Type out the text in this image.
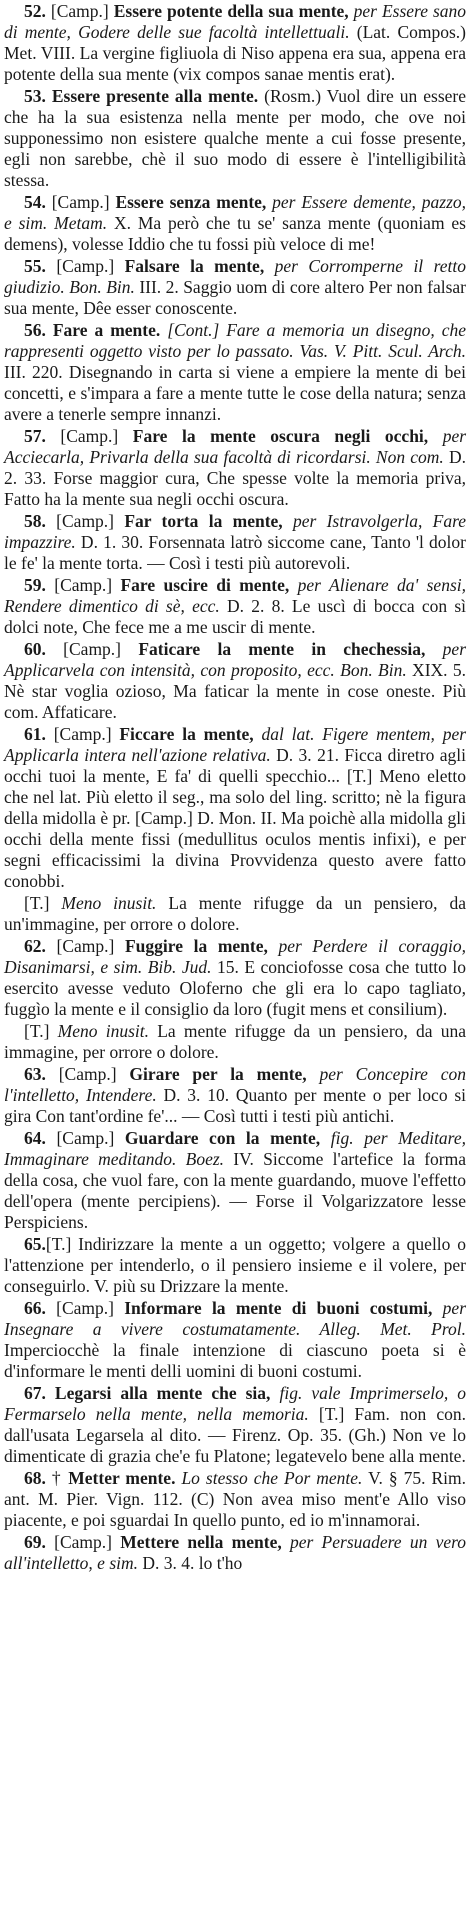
52. [Camp.] Essere potente della sua mente, per Essere sano di mente, Godere delle sue facoltà intellettuali. (Lat. Compos.) Met. VIII. La vergine figliuola di Niso appena era sua, appena era potente della sua mente (vix compos sanae mentis erat).

53. Essere presente alla mente. (Rosm.) Vuol dire un essere che ha la sua esistenza nella mente per modo, che ove noi supponessimo non esistere qualche mente a cui fosse presente, egli non sarebbe, chè il suo modo di essere è l'intelligibilità stessa.

54. [Camp.] Essere senza mente, per Essere demente, pazzo, e sim. Metam. X. Ma però che tu se' sanza mente (quoniam es demens), volesse Iddio che tu fossi più veloce di me!

55. [Camp.] Falsare la mente, per Corromperne il retto giudizio. Bon. Bin. III. 2. Saggio uom di core altero Per non falsar sua mente, Dêe esser conoscente.

56. Fare a mente. [Cont.] Fare a memoria un disegno, che rappresenti oggetto visto per lo passato. Vas. V. Pitt. Scul. Arch. III. 220. Disegnando in carta si viene a empiere la mente di bei concetti, e s'impara a fare a mente tutte le cose della natura; senza avere a tenerle sempre innanzi.

57. [Camp.] Fare la mente oscura negli occhi, per Acciecarla, Privarla della sua facoltà di ricordarsi. Non com. D. 2. 33. Forse maggior cura, Che spesse volte la memoria priva, Fatto ha la mente sua negli occhi oscura.

58. [Camp.] Far torta la mente, per Istravolgerla, Fare impazzire. D. 1. 30. Forsennata latrò siccome cane, Tanto 'l dolor le fe' la mente torta. — Così i testi più autorevoli.

59. [Camp.] Fare uscire di mente, per Alienare da' sensi, Rendere dimentico di sè, ecc. D. 2. 8. Le uscì di bocca con sì dolci note, Che fece me a me uscir di mente.

60. [Camp.] Faticare la mente in chechessia, per Applicarvela con intensità, con proposito, ecc. Bon. Bin. XIX. 5. Nè star voglia ozioso, Ma faticar la mente in cose oneste. Più com. Affaticare.

61. [Camp.] Ficcare la mente, dal lat. Figere mentem, per Applicarla intera nell'azione relativa. D. 3. 21. Ficca diretro agli occhi tuoi la mente, E fa' di quelli specchio... [T.] Meno eletto che nel lat. Più eletto il seg., ma solo del ling. scritto; nè la figura della midolla è pr. [Camp.] D. Mon. II. Ma poichè alla midolla gli occhi della mente fissi (medullitus oculos mentis infixi), e per segni efficacissimi la divina Provvidenza questo avere fatto conobbi.

[T.] Meno inusit. La mente rifugge da un pensiero, da un'immagine, per orrore o dolore.

62. [Camp.] Fuggire la mente, per Perdere il coraggio, Disanimarsi, e sim. Bib. Jud. 15. E conciofosse cosa che tutto lo esercito avesse veduto Oloferno che gli era lo capo tagliato, fuggìo la mente e il consiglio da loro (fugit mens et consilium).

[T.] Meno inusit. La mente rifugge da un pensiero, da una immagine, per orrore o dolore.

63. [Camp.] Girare per la mente, per Concepire con l'intelletto, Intendere. D. 3. 10. Quanto per mente o per loco si gira Con tant'ordine fe'... — Così tutti i testi più antichi.

64. [Camp.] Guardare con la mente, fig. per Meditare, Immaginare meditando. Boez. IV. Siccome l'artefice la forma della cosa, che vuol fare, con la mente guardando, muove l'effetto dell'opera (mente percipiens). — Forse il Volgarizzatore lesse Perspiciens.

65.[T.] Indirizzare la mente a un oggetto; volgere a quello o l'attenzione per intenderlo, o il pensiero insieme e il volere, per conseguirlo. V. più su Drizzare la mente.

66. [Camp.] Informare la mente di buoni costumi, per Insegnare a vivere costumatamente. Alleg. Met. Prol. Imperciocchè la finale intenzione di ciascuno poeta si è d'informare le menti delli uomini di buoni costumi.

67. Legarsi alla mente che sia, fig. vale Imprimerselo, o Fermarselo nella mente, nella memoria. [T.] Fam. non con. dall'usata Legarsela al dito. — Firenz. Op. 35. (Gh.) Non ve lo dimenticate di grazia che'e fu Platone; legatevelo bene alla mente.

68. † Metter mente. Lo stesso che Por mente. V. § 75. Rim. ant. M. Pier. Vign. 112. (C) Non avea miso ment'e Allo viso piacente, e poi sguardai In quello punto, ed io m'innamorai.

69. [Camp.] Mettere nella mente, per Persuadere un vero all'intelletto, e sim. D. 3. 4. lo t'ho
